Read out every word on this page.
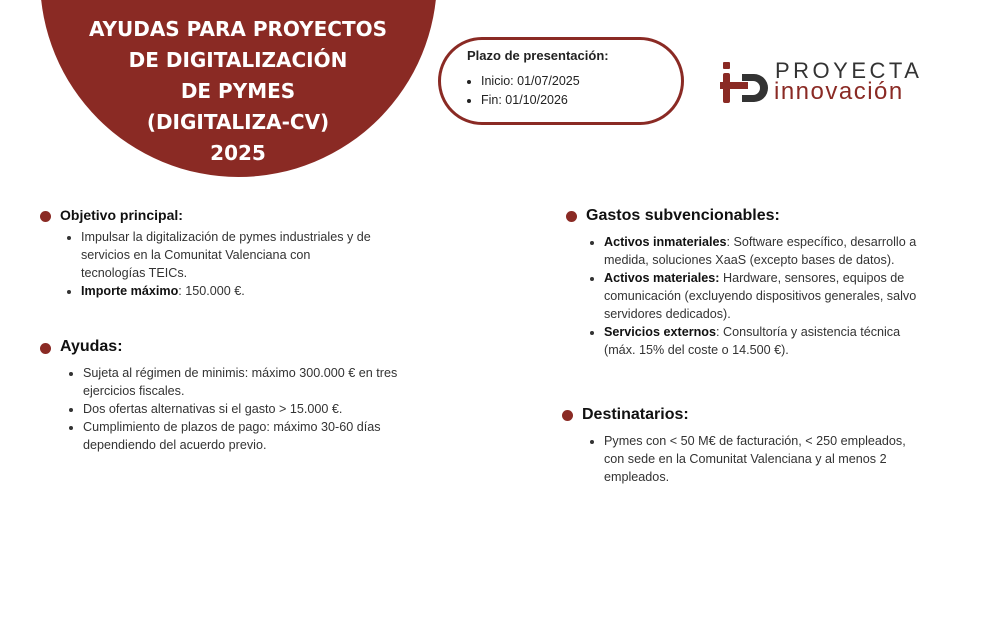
AYUDAS PARA PROYECTOS
DE DIGITALIZACIÓN
DE PYMES
(DIGITALIZA-CV)
2025
Plazo de presentación:
• Inicio: 01/07/2025
• Fin: 01/10/2026
PROYECTA
innovación
Objetivo principal:
• Impulsar la digitalización de pymes industriales y de servicios en la Comunitat Valenciana con tecnologías TEICs.
• Importe máximo: 150.000 €.
Ayudas:
• Sujeta al régimen de minimis: máximo 300.000 € en tres ejercicios fiscales.
• Dos ofertas alternativas si el gasto > 15.000 €.
• Cumplimiento de plazos de pago: máximo 30-60 días dependiendo del acuerdo previo.
Gastos subvencionables:
• Activos inmateriales: Software específico, desarrollo a medida, soluciones XaaS (excepto bases de datos).
• Activos materiales: Hardware, sensores, equipos de comunicación (excluyendo dispositivos generales, salvo servidores dedicados).
• Servicios externos: Consultoría y asistencia técnica (máx. 15% del coste o 14.500 €).
Destinatarios:
• Pymes con < 50 M€ de facturación, < 250 empleados, con sede en la Comunitat Valenciana y al menos 2 empleados.
